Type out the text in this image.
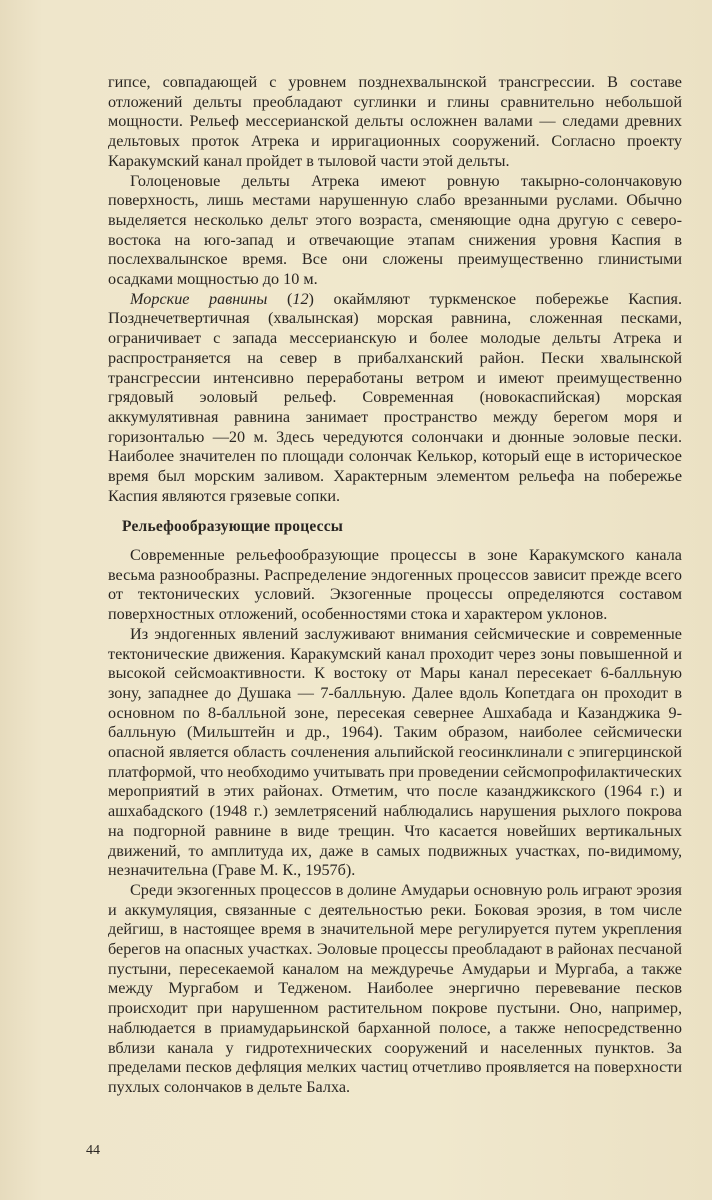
гипсе, совпадающей с уровнем позднехвалынской трансгрессии. В составе отложений дельты преобладают суглинки и глины сравнительно небольшой мощности. Рельеф мессерианской дельты осложнен валами — следами древних дельтовых проток Атрека и ирригационных сооружений. Согласно проекту Каракумский канал пройдет в тыловой части этой дельты.

Голоценовые дельты Атрека имеют ровную такырно-солончаковую поверхность, лишь местами нарушенную слабо врезанными руслами. Обычно выделяется несколько дельт этого возраста, сменяющие одна другую с северо-востока на юго-запад и отвечающие этапам снижения уровня Каспия в послехвалынское время. Все они сложены преимущественно глинистыми осадками мощностью до 10 м.

Морские равнины (12) окаймляют туркменское побережье Каспия. Позднечетвертичная (хвалынская) морская равнина, сложенная песками, ограничивает с запада мессерианскую и более молодые дельты Атрека и распространяется на север в прибалханский район. Пески хвалынской трансгрессии интенсивно переработаны ветром и имеют преимущественно грядовый эоловый рельеф. Современная (новокаспийская) морская аккумулятивная равнина занимает пространство между берегом моря и горизонталью —20 м. Здесь чередуются солончаки и дюнные эоловые пески. Наиболее значителен по площади солончак Келькор, который еще в историческое время был морским заливом. Характерным элементом рельефа на побережье Каспия являются грязевые сопки.

Рельефообразующие процессы

Современные рельефообразующие процессы в зоне Каракумского канала весьма разнообразны. Распределение эндогенных процессов зависит прежде всего от тектонических условий. Экзогенные процессы определяются составом поверхностных отложений, особенностями стока и характером уклонов.

Из эндогенных явлений заслуживают внимания сейсмические и современные тектонические движения. Каракумский канал проходит через зоны повышенной и высокой сейсмоактивности. К востоку от Мары канал пересекает 6-балльную зону, западнее до Душака — 7-балльную. Далее вдоль Копетдага он проходит в основном по 8-балльной зоне, пересекая севернее Ашхабада и Казанджика 9-балльную (Мильштейн и др., 1964). Таким образом, наиболее сейсмически опасной является область сочленения альпийской геосинклинали с эпигерцинской платформой, что необходимо учитывать при проведении сейсмопрофилактических мероприятий в этих районах. Отметим, что после казанджикского (1964 г.) и ашхабадского (1948 г.) землетрясений наблюдались нарушения рыхлого покрова на подгорной равнине в виде трещин. Что касается новейших вертикальных движений, то амплитуда их, даже в самых подвижных участках, по-видимому, незначительна (Граве М. К., 1957б).

Среди экзогенных процессов в долине Амударьи основную роль играют эрозия и аккумуляция, связанные с деятельностью реки. Боковая эрозия, в том числе дейгиш, в настоящее время в значительной мере регулируется путем укрепления берегов на опасных участках. Эоловые процессы преобладают в районах песчаной пустыни, пересекаемой каналом на междуречье Амударьи и Мургаба, а также между Мургабом и Тедженом. Наиболее энергично перевевание песков происходит при нарушенном растительном покрове пустыни. Оно, например, наблюдается в приамударьинской барханной полосе, а также непосредственно вблизи канала у гидротехнических сооружений и населенных пунктов. За пределами песков дефляция мелких частиц отчетливо проявляется на поверхности пухлых солончаков в дельте Балха.

44
